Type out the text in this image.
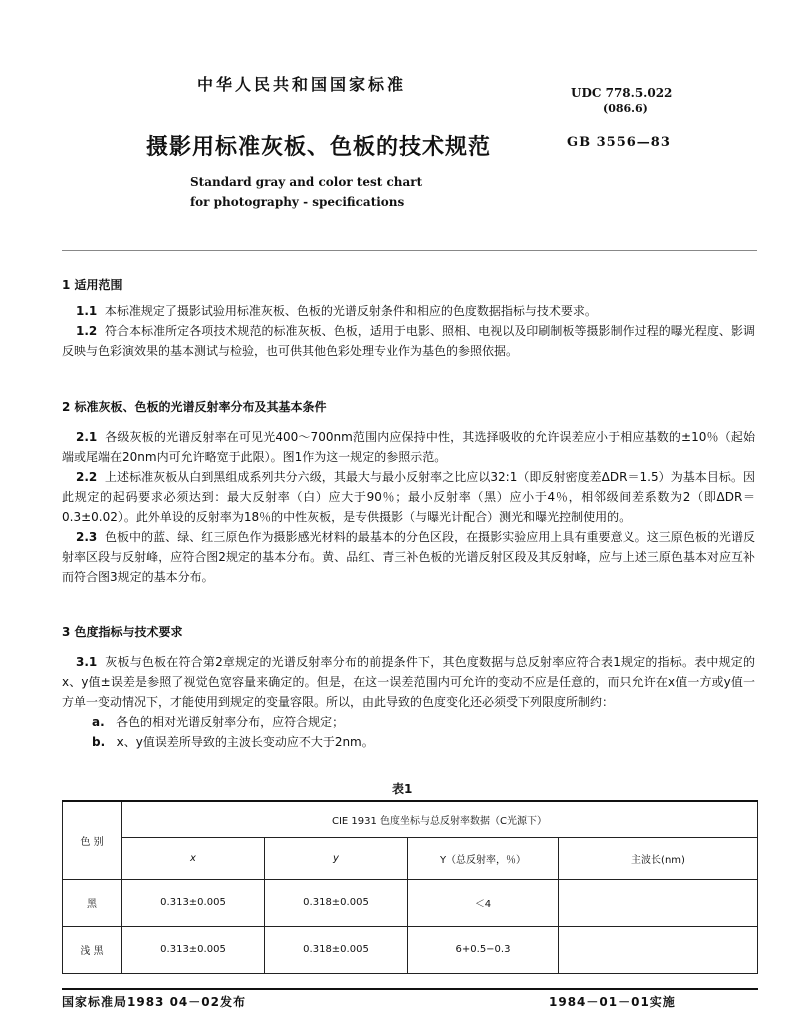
中华人民共和国国家标准	UDC 778.5.022
(086.6)
摄影用标准灰板、色板的技术规范	GB 3556—83
Standard gray and color test chart
for photography - specifications
1 适用范围
1.1 本标准规定了摄影试验用标准灰板、色板的光谱反射条件和相应的色度数据指标与技术要求。
1.2 符合本标准所定各项技术规范的标准灰板、色板，适用于电影、照相、电视以及印刷制板等摄影制作过程的曝光程度、影调反映与色彩演效果的基本测试与检验，也可供其他色彩处理专业作为基色的参照依据。
2 标准灰板、色板的光谱反射率分布及其基本条件
2.1 各级灰板的光谱反射率在可见光400～700nm范围内应保持中性，其选择吸收的允许误差应小于相应基数的±10％（起始端或尾端在20nm内可允许略宽于此限）。图1作为这一规定的参照示范。
2.2 上述标准灰板从白到黑组成系列共分六级，其最大与最小反射率之比应以32:1（即反射密度差ΔDR＝1.5）为基本目标。因此规定的起码要求必须达到：最大反射率（白）应大于90％；最小反射率（黑）应小于4％，相邻级间差系数为2（即ΔDR＝0.3±0.02）。此外单设的反射率为18％的中性灰板，是专供摄影（与曝光计配合）测光和曝光控制使用的。
2.3 色板中的蓝、绿、红三原色作为摄影感光材料的最基本的分色区段，在摄影实验应用上具有重要意义。这三原色板的光谱反射率区段与反射峰，应符合图2规定的基本分布。黄、品红、青三补色板的光谱反射区段及其反射峰，应与上述三原色基本对应互补而符合图3规定的基本分布。
3 色度指标与技术要求
3.1 灰板与色板在符合第2章规定的光谱反射率分布的前提条件下，其色度数据与总反射率应符合表1规定的指标。表中规定的x、y值±误差是参照了视觉色宽容量来确定的。但是，在这一误差范围内可允许的变动不应是任意的，而只允许在x值一方或y值一方单一变动情况下，才能使用到规定的变量容限。所以，由此导致的色度变化还必须受下列限度所制约：
a. 各色的相对光谱反射率分布，应符合规定；
b. x、y值误差所导致的主波长变动应不大于2nm。
表1
色 别	CIE 1931 色度坐标与总反射率数据（C光源下）			
	x	y	Y（总反射率，％）	主波长(nm)
黑	0.313±0.005	0.318±0.005	＜4	
浅 黑	0.313±0.005	0.318±0.005	6+0.5−0.3	
国家标准局1983 04－02发布	1984－01－01实施
